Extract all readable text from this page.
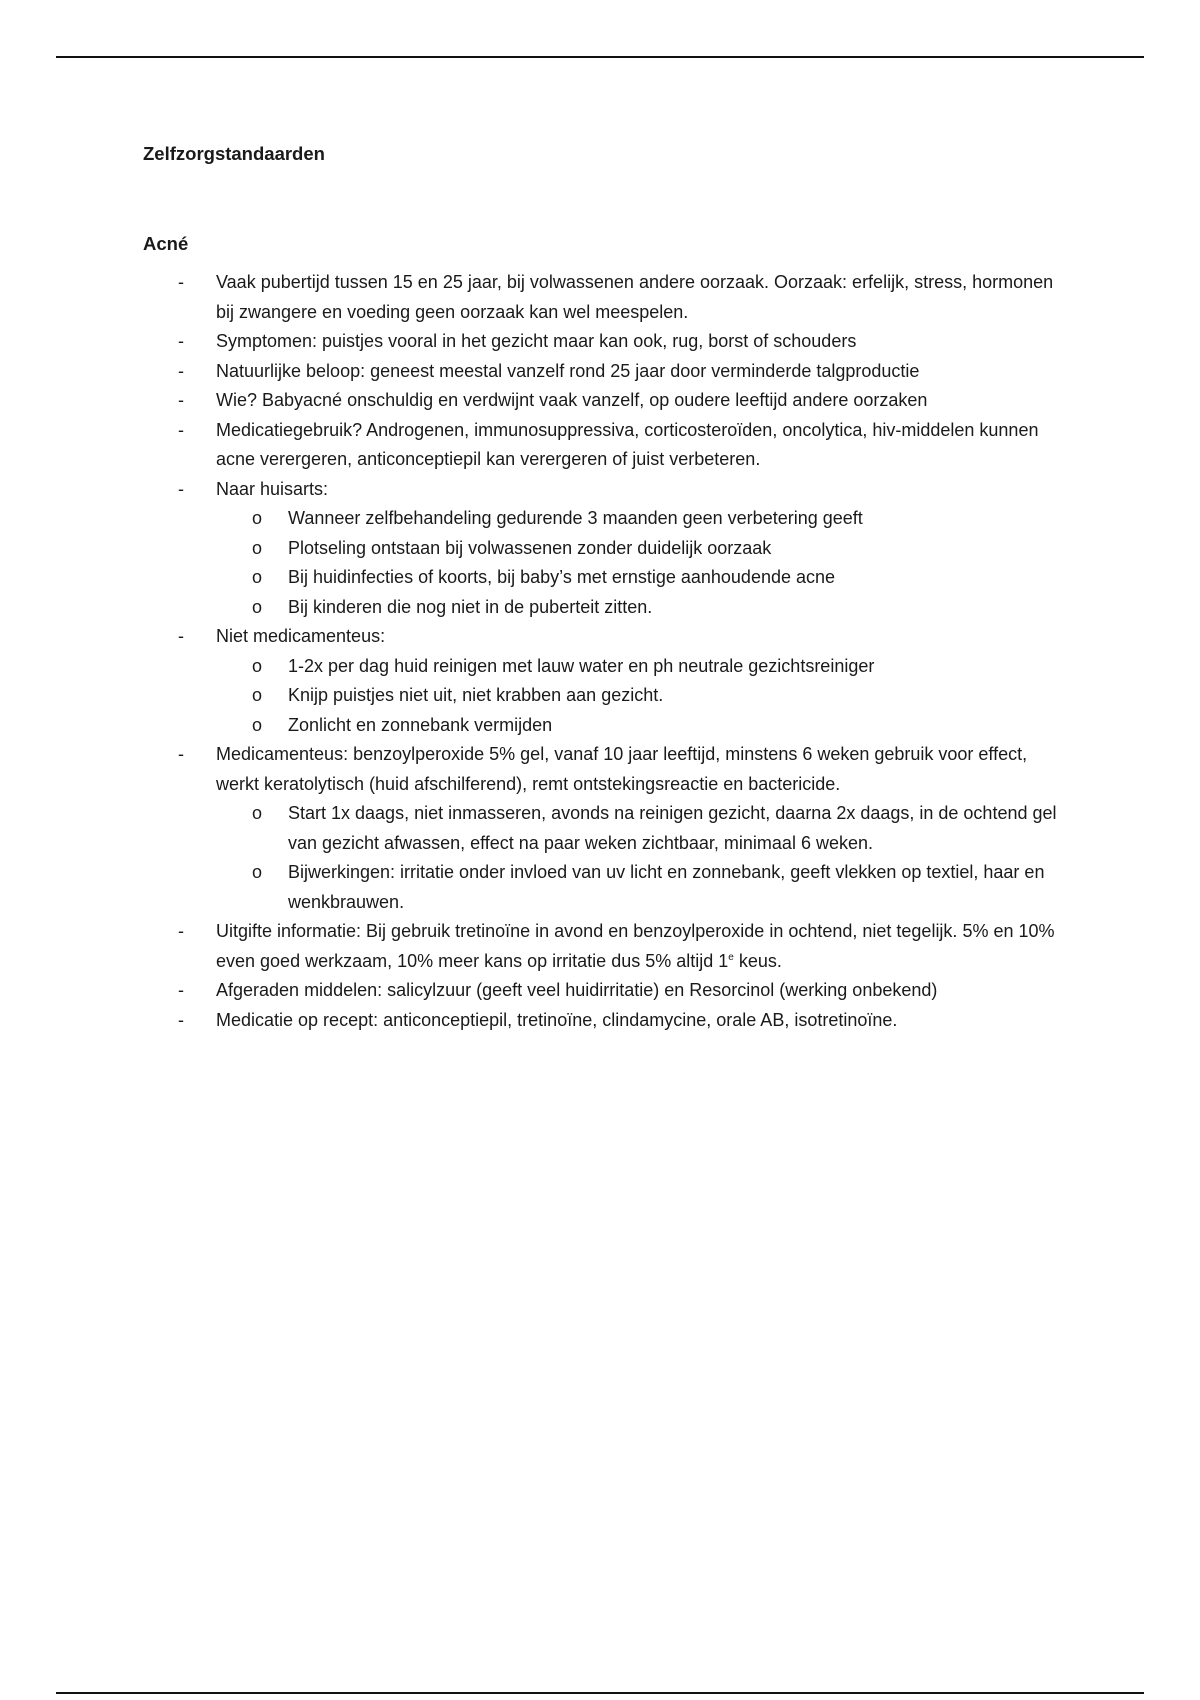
Zelfzorgstandaarden
Acné
- Vaak pubertijd tussen 15 en 25 jaar, bij volwassenen andere oorzaak. Oorzaak: erfelijk, stress, hormonen bij zwangere en voeding geen oorzaak kan wel meespelen.
- Symptomen: puistjes vooral in het gezicht maar kan ook, rug, borst of schouders
- Natuurlijke beloop: geneest meestal vanzelf rond 25 jaar door verminderde talgproductie
- Wie? Babyacné onschuldig en verdwijnt vaak vanzelf, op oudere leeftijd andere oorzaken
- Medicatiegebruik? Androgenen, immunosuppressiva, corticosteroïden, oncolytica, hiv-middelen kunnen acne verergeren, anticonceptiepil kan verergeren of juist verbeteren.
- Naar huisarts:
o Wanneer zelfbehandeling gedurende 3 maanden geen verbetering geeft
o Plotseling ontstaan bij volwassenen zonder duidelijk oorzaak
o Bij huidinfecties of koorts, bij baby’s met ernstige aanhoudende acne
o Bij kinderen die nog niet in de puberteit zitten.
- Niet medicamenteus:
o 1-2x per dag huid reinigen met lauw water en ph neutrale gezichtsreiniger
o Knijp puistjes niet uit, niet krabben aan gezicht.
o Zonlicht en zonnebank vermijden
- Medicamenteus: benzoylperoxide 5% gel, vanaf 10 jaar leeftijd, minstens 6 weken gebruik voor effect, werkt keratolytisch (huid afschilferend), remt ontstekingsreactie en bactericide.
o Start 1x daags, niet inmasseren, avonds na reinigen gezicht, daarna 2x daags, in de ochtend gel van gezicht afwassen, effect na paar weken zichtbaar, minimaal 6 weken.
o Bijwerkingen: irritatie onder invloed van uv licht en zonnebank, geeft vlekken op textiel, haar en wenkbrauwen.
- Uitgifte informatie: Bij gebruik tretinoïne in avond en benzoylperoxide in ochtend, niet tegelijk. 5% en 10% even goed werkzaam, 10% meer kans op irritatie dus 5% altijd 1e keus.
- Afgeraden middelen: salicylzuur (geeft veel huidirritatie) en Resorcinol (werking onbekend)
- Medicatie op recept: anticonceptiepil, tretinoïne, clindamycine, orale AB, isotretinoïne.
